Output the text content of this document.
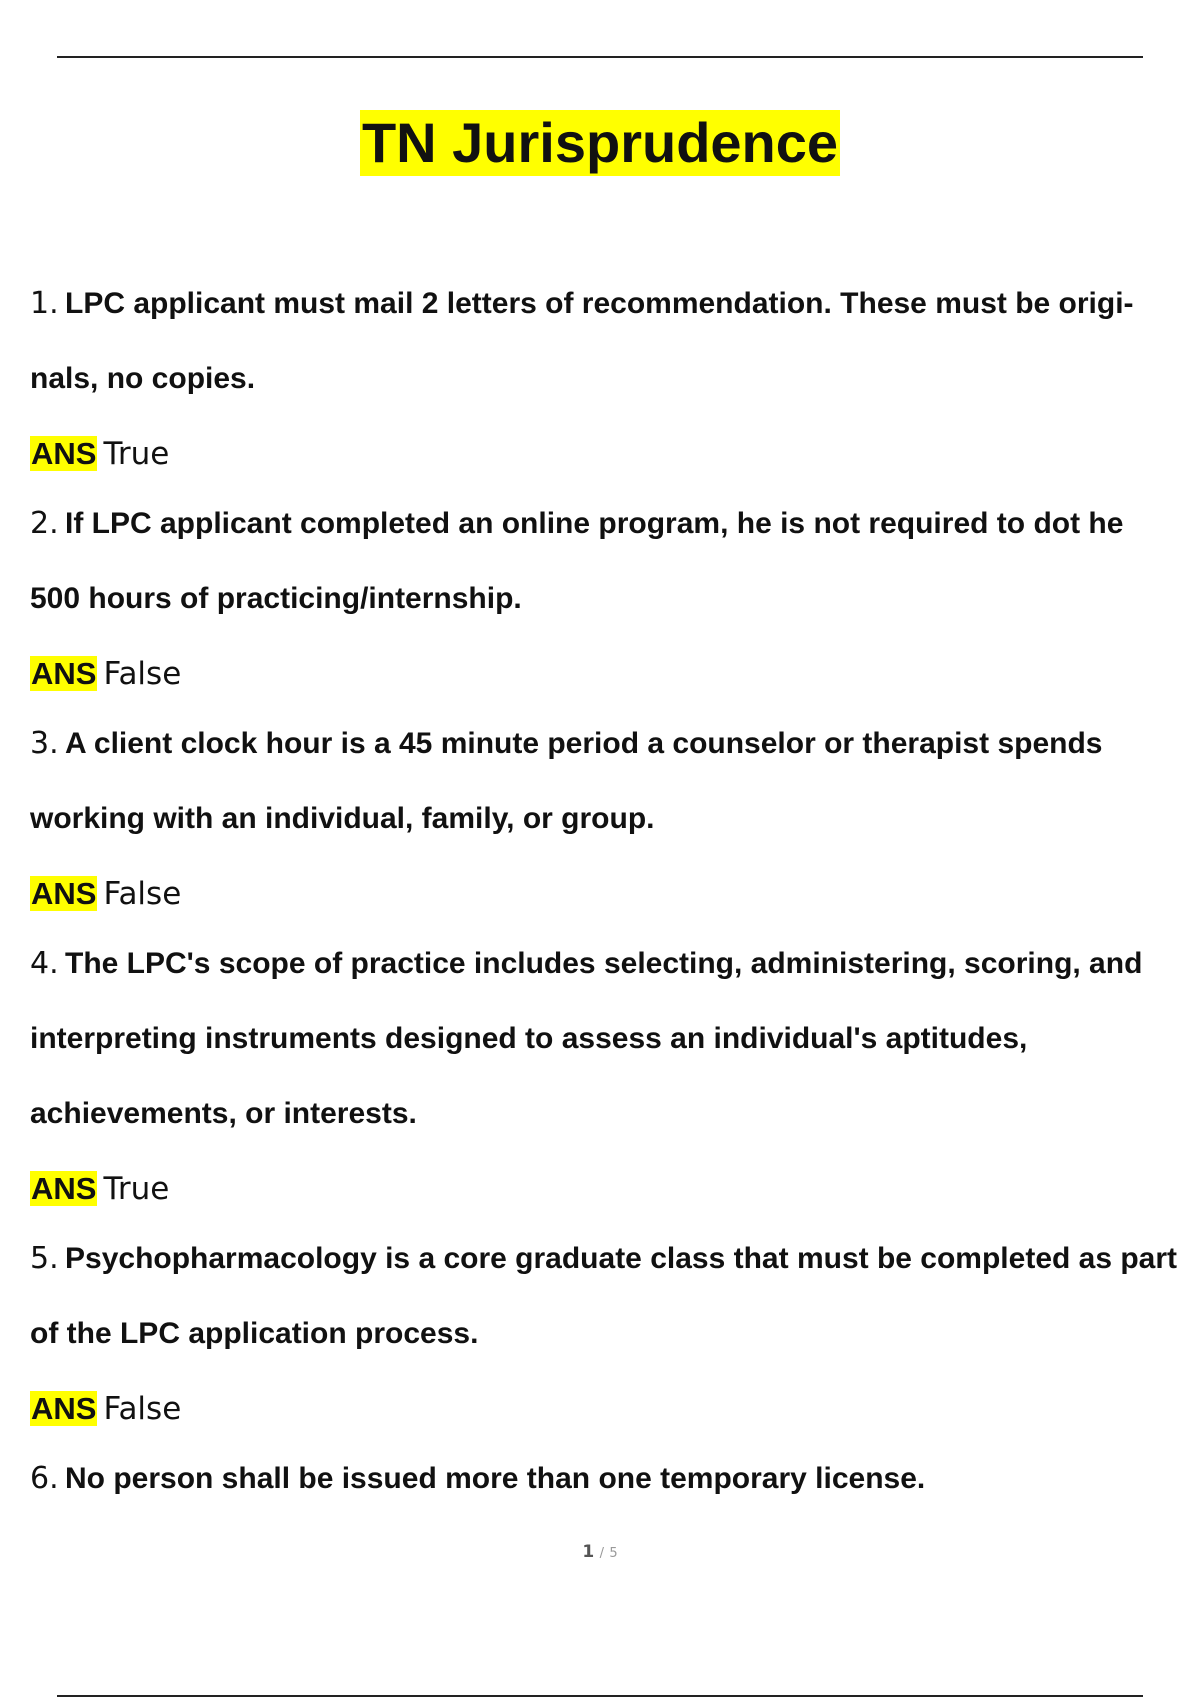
TN Jurisprudence
1. LPC applicant must mail 2 letters of recommendation. These must be origi- nals, no copies.
ANS True
2. If LPC applicant completed an online program, he is not required to dot he 500 hours of practicing/internship.
ANS False
3. A client clock hour is a 45 minute period a counselor or therapist spends working with an individual, family, or group.
ANS False
4. The LPC's scope of practice includes selecting, administering, scoring, and interpreting instruments designed to assess an individual's aptitudes, achievements, or interests.
ANS True
5. Psychopharmacology is a core graduate class that must be completed as part of the LPC application process.
ANS False
6. No person shall be issued more than one temporary license.
1 / 5
